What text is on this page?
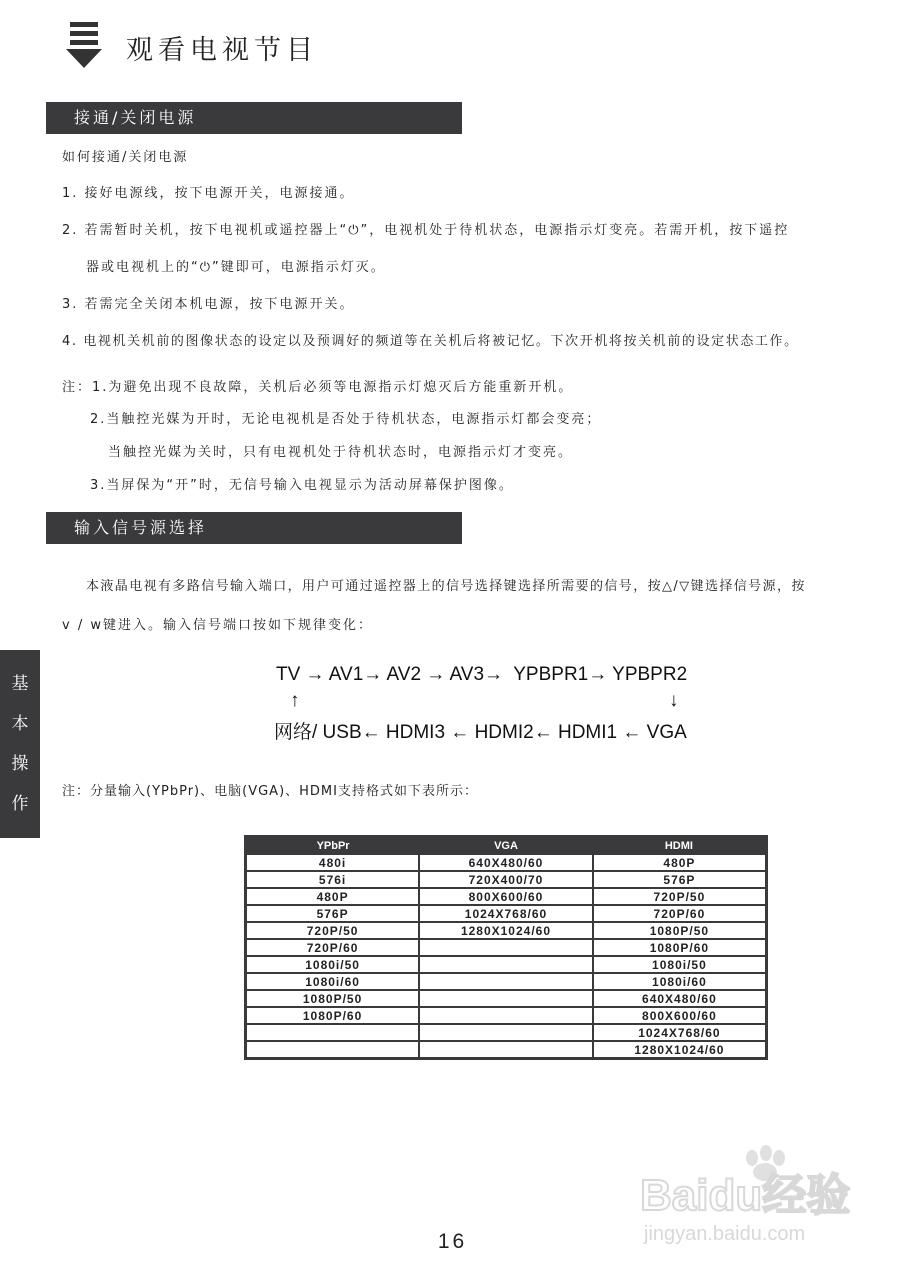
观看电视节目
接通/关闭电源
如何接通/关闭电源
1. 接好电源线，按下电源开关，电源接通。
2. 若需暂时关机，按下电视机或遥控器上“⏻”，电视机处于待机状态，电源指示灯变亮。若需开机，按下遥控
器或电视机上的“⏻”键即可，电源指示灯灭。
3. 若需完全关闭本机电源，按下电源开关。
4. 电视机关机前的图像状态的设定以及预调好的频道等在关机后将被记忆。下次开机将按关机前的设定状态工作。
注：1.为避免出现不良故障，关机后必须等电源指示灯熄灭后方能重新开机。
2.当触控光媒为开时，无论电视机是否处于待机状态，电源指示灯都会变亮；
当触控光媒为关时，只有电视机处于待机状态时，电源指示灯才变亮。
3.当屏保为“开”时，无信号输入电视显示为活动屏幕保护图像。
输入信号源选择
本液晶电视有多路信号输入端口，用户可通过遥控器上的信号选择键选择所需要的信号，按△/▽键选择信号源，按
v / w键进入。输入信号端口按如下规律变化：
TV → AV1→ AV2 → AV3→  YPBPR1→ YPBPR2
↑	↓
网络/ USB← HDMI3 ← HDMI2← HDMI1 ← VGA
注：分量输入(YPbPr)、电脑(VGA)、HDMI支持格式如下表所示：
基
本
操
作
YPbPr	VGA	HDMI
480i	640X480/60	480P
576i	720X400/70	576P
480P	800X600/60	720P/50
576P	1024X768/60	720P/60
720P/50	1280X1024/60	1080P/50
720P/60		1080P/60
1080i/50		1080i/50
1080i/60		1080i/60
1080P/50		640X480/60
1080P/60		800X600/60
		1024X768/60
		1280X1024/60
16
Baidu经验
jingyan.baidu.com
